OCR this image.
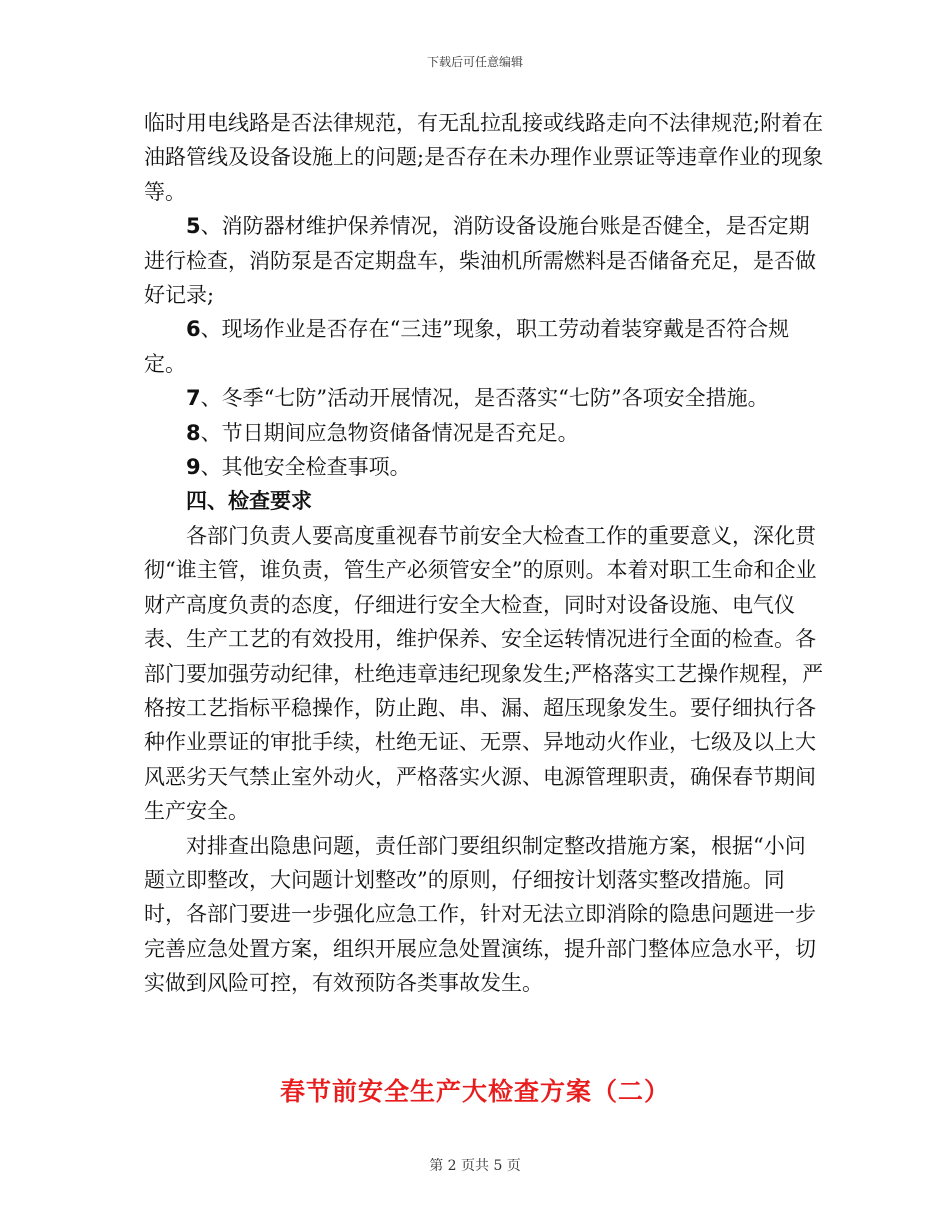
下载后可任意编辑

临时用电线路是否法律规范，有无乱拉乱接或线路走向不法律规范;附着在油路管线及设备设施上的问题;是否存在未办理作业票证等违章作业的现象等。

5、消防器材维护保养情况，消防设备设施台账是否健全，是否定期进行检查，消防泵是否定期盘车，柴油机所需燃料是否储备充足，是否做好记录;

6、现场作业是否存在“三违”现象，职工劳动着装穿戴是否符合规定。

7、冬季“七防”活动开展情况，是否落实“七防”各项安全措施。

8、节日期间应急物资储备情况是否充足。

9、其他安全检查事项。

四、检查要求

各部门负责人要高度重视春节前安全大检查工作的重要意义，深化贯彻“谁主管，谁负责，管生产必须管安全”的原则。本着对职工生命和企业财产高度负责的态度，仔细进行安全大检查，同时对设备设施、电气仪表、生产工艺的有效投用，维护保养、安全运转情况进行全面的检查。各部门要加强劳动纪律，杜绝违章违纪现象发生;严格落实工艺操作规程，严格按工艺指标平稳操作，防止跑、串、漏、超压现象发生。要仔细执行各种作业票证的审批手续，杜绝无证、无票、异地动火作业，七级及以上大风恶劣天气禁止室外动火，严格落实火源、电源管理职责，确保春节期间生产安全。

对排查出隐患问题，责任部门要组织制定整改措施方案，根据“小问题立即整改，大问题计划整改”的原则，仔细按计划落实整改措施。同时，各部门要进一步强化应急工作，针对无法立即消除的隐患问题进一步完善应急处置方案，组织开展应急处置演练，提升部门整体应急水平，切实做到风险可控，有效预防各类事故发生。

春节前安全生产大检查方案（二）
第 2 页共 5 页
